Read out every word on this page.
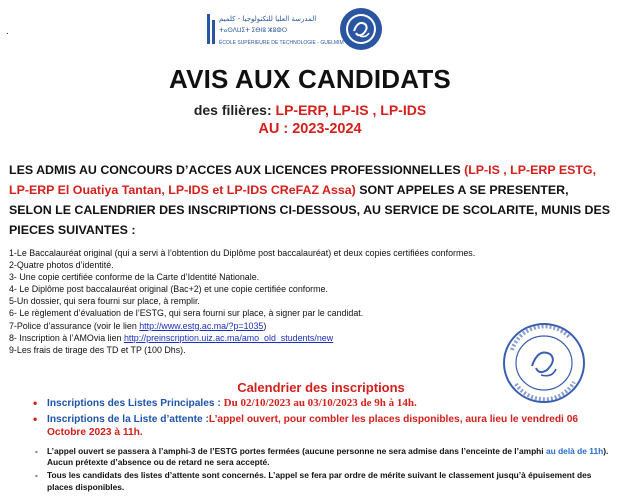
.
المدرسة العليا للتكنولوجيا - كلميم
ⵜⴰⵙⴷⵡⵉⵜ ⵉⴱⵏⵓ ⵣⵓⵀⵔ
ÉCOLE SUPÉRIEURE DE TECHNOLOGIE - GUELMIM
AVIS AUX CANDIDATS
des filières: LP-ERP, LP-IS , LP-IDS
AU : 2023-2024
LES ADMIS AU CONCOURS D’ACCES AUX LICENCES PROFESSIONNELLES (LP-IS , LP-ERP ESTG, LP-ERP El Ouatiya Tantan, LP-IDS et LP-IDS CReFAZ Assa) SONT APPELES A SE PRESENTER, SELON LE CALENDRIER DES INSCRIPTIONS CI-DESSOUS, AU SERVICE DE SCOLARITE, MUNIS DES PIECES SUIVANTES :
1-Le Baccalauréat original (qui a servi à l’obtention du Diplôme post baccalauréat) et deux copies certifiées conformes.
2-Quatre photos d’identité.
3- Une copie certifiée conforme de la Carte d’Identité Nationale.
4- Le Diplôme post baccalauréat original (Bac+2) et une copie certifiée conforme.
5-Un dossier, qui sera fourni sur place, à remplir.
6- Le règlement d’évaluation de l’ESTG, qui sera fourni sur place, à signer par le candidat.
7-Police d’assurance (voir le lien http://www.estg.ac.ma/?p=1035)
8- Inscription à l’AMOvia lien http://preinscription.uiz.ac.ma/amo_old_students/new
9-Les frais de tirage des TD et TP (100 Dhs).
Calendrier des inscriptions
• Inscriptions des Listes Principales : Du 02/10/2023 au 03/10/2023 de 9h à 14h.
• Inscriptions de la Liste d’attente :L’appel ouvert, pour combler les places disponibles, aura lieu le vendredi 06 Octobre 2023 à 11h.
- L’appel ouvert se passera à l’amphi-3 de l’ESTG portes fermées (aucune personne ne sera admise dans l’enceinte de l’amphi au delà de 11h). Aucun prétexte d’absence ou de retard ne sera accepté.
- Tous les candidats des listes d’attente sont concernés. L’appel se fera par ordre de mérite suivant le classement jusqu’à épuisement des places disponibles.
